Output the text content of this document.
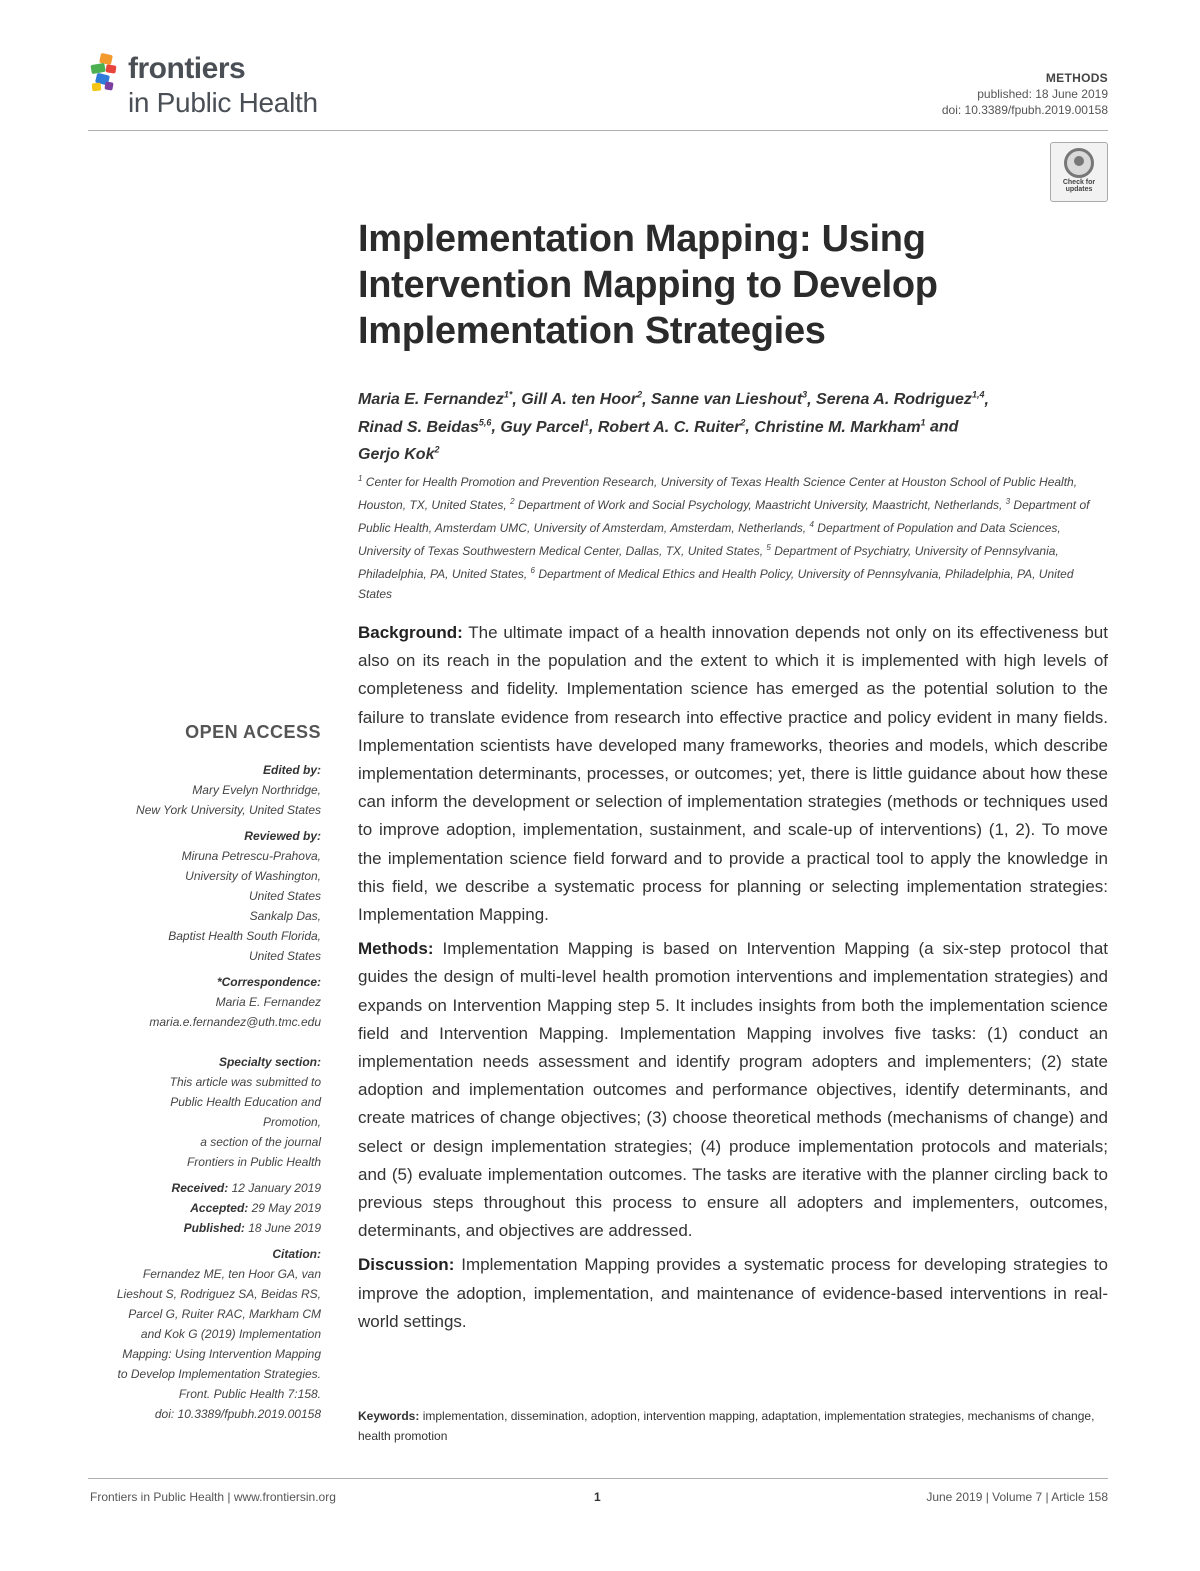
frontiers
in Public Health
METHODS
published: 18 June 2019
doi: 10.3389/fpubh.2019.00158
Check for
updates
Implementation Mapping: Using
Intervention Mapping to Develop
Implementation Strategies
Maria E. Fernandez$^{1*}$, Gill A. ten Hoor$^2$, Sanne van Lieshout$^3$, Serena A. Rodriguez$^{1,4}$,
Rinad S. Beidas$^{5,6}$, Guy Parcel$^1$, Robert A. C. Ruiter$^2$, Christine M. Markham$^1$ and
Gerjo Kok$^2$
$^1$ Center for Health Promotion and Prevention Research, University of Texas Health Science Center at Houston School of Public Health, Houston, TX, United States, $^2$ Department of Work and Social Psychology, Maastricht University, Maastricht, Netherlands, $^3$ Department of Public Health, Amsterdam UMC, University of Amsterdam, Amsterdam, Netherlands, $^4$ Department of Population and Data Sciences, University of Texas Southwestern Medical Center, Dallas, TX, United States, $^5$ Department of Psychiatry, University of Pennsylvania, Philadelphia, PA, United States, $^6$ Department of Medical Ethics and Health Policy, University of Pennsylvania, Philadelphia, PA, United States

Background: The ultimate impact of a health innovation depends not only on its effectiveness but also on its reach in the population and the extent to which it is implemented with high levels of completeness and fidelity. Implementation science has emerged as the potential solution to the failure to translate evidence from research into effective practice and policy evident in many fields. Implementation scientists have developed many frameworks, theories and models, which describe implementation determinants, processes, or outcomes; yet, there is little guidance about how these can inform the development or selection of implementation strategies (methods or techniques used to improve adoption, implementation, sustainment, and scale-up of interventions) (1, 2). To move the implementation science field forward and to provide a practical tool to apply the knowledge in this field, we describe a systematic process for planning or selecting implementation strategies: Implementation Mapping.

Methods: Implementation Mapping is based on Intervention Mapping (a six-step protocol that guides the design of multi-level health promotion interventions and implementation strategies) and expands on Intervention Mapping step 5. It includes insights from both the implementation science field and Intervention Mapping. Implementation Mapping involves five tasks: (1) conduct an implementation needs assessment and identify program adopters and implementers; (2) state adoption and implementation outcomes and performance objectives, identify determinants, and create matrices of change objectives; (3) choose theoretical methods (mechanisms of change) and select or design implementation strategies; (4) produce implementation protocols and materials; and (5) evaluate implementation outcomes. The tasks are iterative with the planner circling back to previous steps throughout this process to ensure all adopters and implementers, outcomes, determinants, and objectives are addressed.

Discussion: Implementation Mapping provides a systematic process for developing strategies to improve the adoption, implementation, and maintenance of evidence-based interventions in real-world settings.

Keywords: implementation, dissemination, adoption, intervention mapping, adaptation, implementation strategies, mechanisms of change, health promotion
OPEN ACCESS
Edited by:
Mary Evelyn Northridge,
New York University, United States
Reviewed by:
Miruna Petrescu-Prahova,
University of Washington,
United States
Sankalp Das,
Baptist Health South Florida,
United States
*Correspondence:
Maria E. Fernandez
maria.e.fernandez@uth.tmc.edu
Specialty section:
This article was submitted to
Public Health Education and
Promotion,
a section of the journal
Frontiers in Public Health
Received: 12 January 2019
Accepted: 29 May 2019
Published: 18 June 2019
Citation:
Fernandez ME, ten Hoor GA, van
Lieshout S, Rodriguez SA, Beidas RS,
Parcel G, Ruiter RAC, Markham CM
and Kok G (2019) Implementation
Mapping: Using Intervention Mapping
to Develop Implementation Strategies.
Front. Public Health 7:158.
doi: 10.3389/fpubh.2019.00158
Frontiers in Public Health | www.frontiersin.org	1	June 2019 | Volume 7 | Article 158
